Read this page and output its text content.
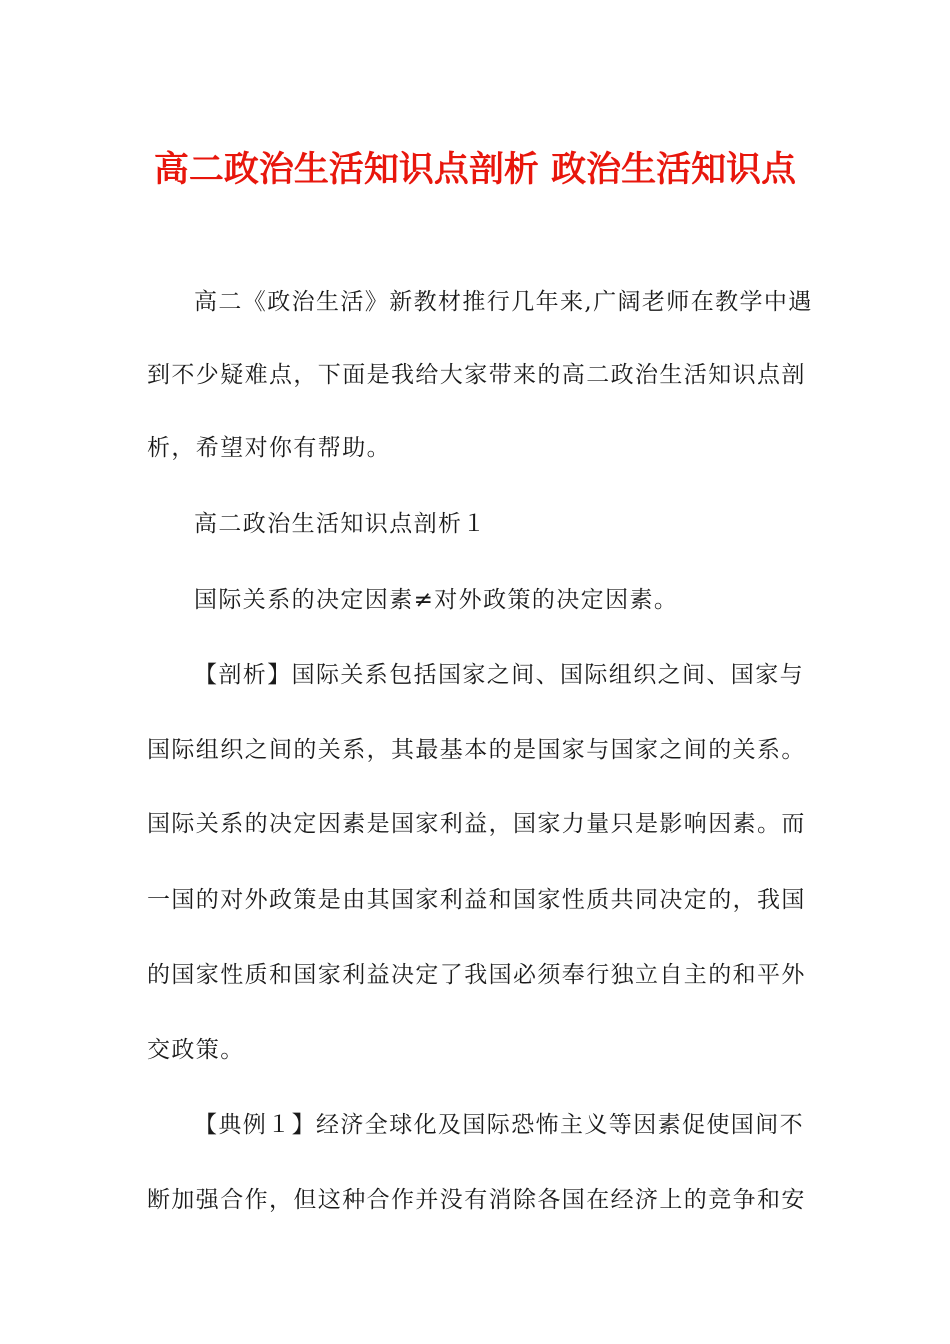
高二政治生活知识点剖析 政治生活知识点
高二《政治生活》新教材推行几年来,广阔老师在教学中遇
到不少疑难点，下面是我给大家带来的高二政治生活知识点剖
析，希望对你有帮助。
高二政治生活知识点剖析１
国际关系的决定因素≠对外政策的决定因素。
【剖析】国际关系包括国家之间、国际组织之间、国家与
国际组织之间的关系，其最基本的是国家与国家之间的关系。
国际关系的决定因素是国家利益，国家力量只是影响因素。而
一国的对外政策是由其国家利益和国家性质共同决定的，我国
的国家性质和国家利益决定了我国必须奉行独立自主的和平外
交政策。
【典例１】经济全球化及国际恐怖主义等因素促使国间不
断加强合作，但这种合作并没有消除各国在经济上的竞争和安
